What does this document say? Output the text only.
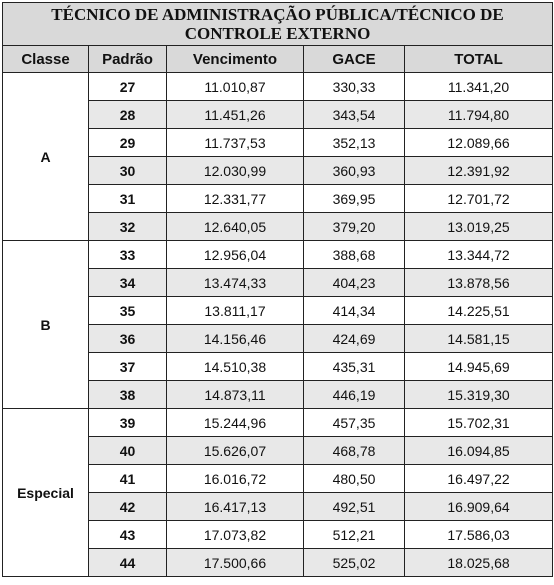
TÉCNICO DE ADMINISTRAÇÃO PÚBLICA/TÉCNICO DE CONTROLE EXTERNO				
Classe	Padrão	Vencimento	GACE	TOTAL
A	27	11.010,87	330,33	11.341,20
	28	11.451,26	343,54	11.794,80
	29	11.737,53	352,13	12.089,66
	30	12.030,99	360,93	12.391,92
	31	12.331,77	369,95	12.701,72
	32	12.640,05	379,20	13.019,25
B	33	12.956,04	388,68	13.344,72
	34	13.474,33	404,23	13.878,56
	35	13.811,17	414,34	14.225,51
	36	14.156,46	424,69	14.581,15
	37	14.510,38	435,31	14.945,69
	38	14.873,11	446,19	15.319,30
Especial	39	15.244,96	457,35	15.702,31
	40	15.626,07	468,78	16.094,85
	41	16.016,72	480,50	16.497,22
	42	16.417,13	492,51	16.909,64
	43	17.073,82	512,21	17.586,03
	44	17.500,66	525,02	18.025,68
